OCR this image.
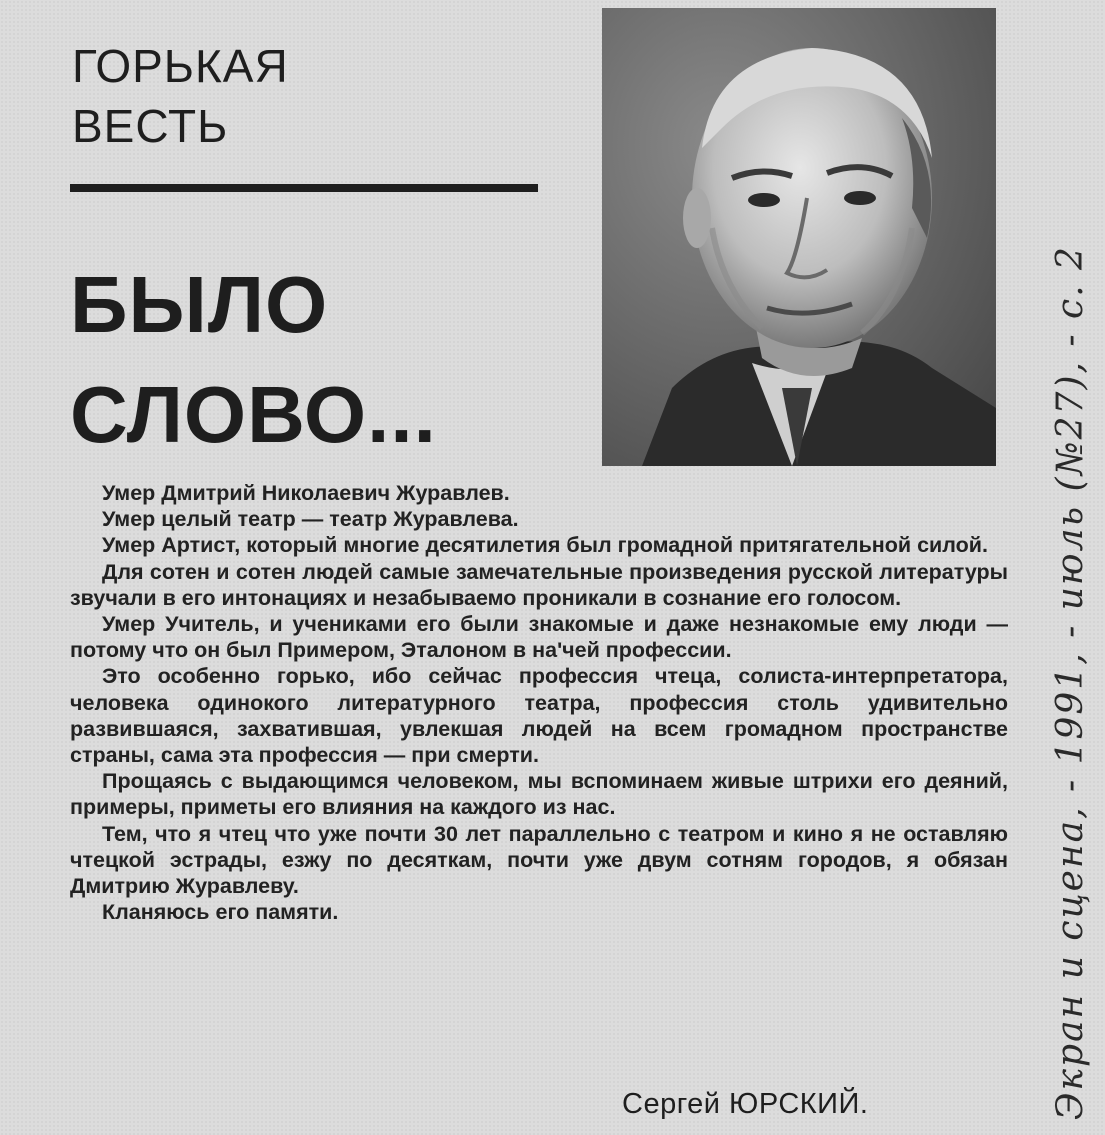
ГОРЬКАЯ
ВЕСТЬ
БЫЛО
СЛОВО...

Умер Дмитрий Николаевич Журавлев.

Умер целый театр — театр Журавлева.

Умер Артист, который многие десятилетия был громадной притягательной силой.

Для сотен и сотен людей самые замечательные произведения русской литературы звучали в его интонациях и незабываемо проникали в сознание его голосом.

Умер Учитель, и учениками его были знакомые и даже незнакомые ему люди — потому что он был Примером, Эталоном в на'чей профессии.

Это особенно горько, ибо сейчас профессия чтеца, солиста-интерпретатора, человека одинокого литературного театра, профессия столь удивительно развившаяся, захватившая, увлекшая людей на всем громадном пространстве страны, сама эта профессия — при смерти.

Прощаясь с выдающимся человеком, мы вспоминаем живые штрихи его деяний, примеры, приметы его влияния на каждого из нас.

Тем, что я чтец что уже почти 30 лет параллельно с театром и кино я не оставляю чтецкой эстрады, езжу по десяткам, почти уже двум сотням городов, я обязан Дмитрию Журавлеву.

Кланяюсь его памяти.

Сергей ЮРСКИЙ.	Экран и сцена, - 1991, - июль (№27), - с. 2
